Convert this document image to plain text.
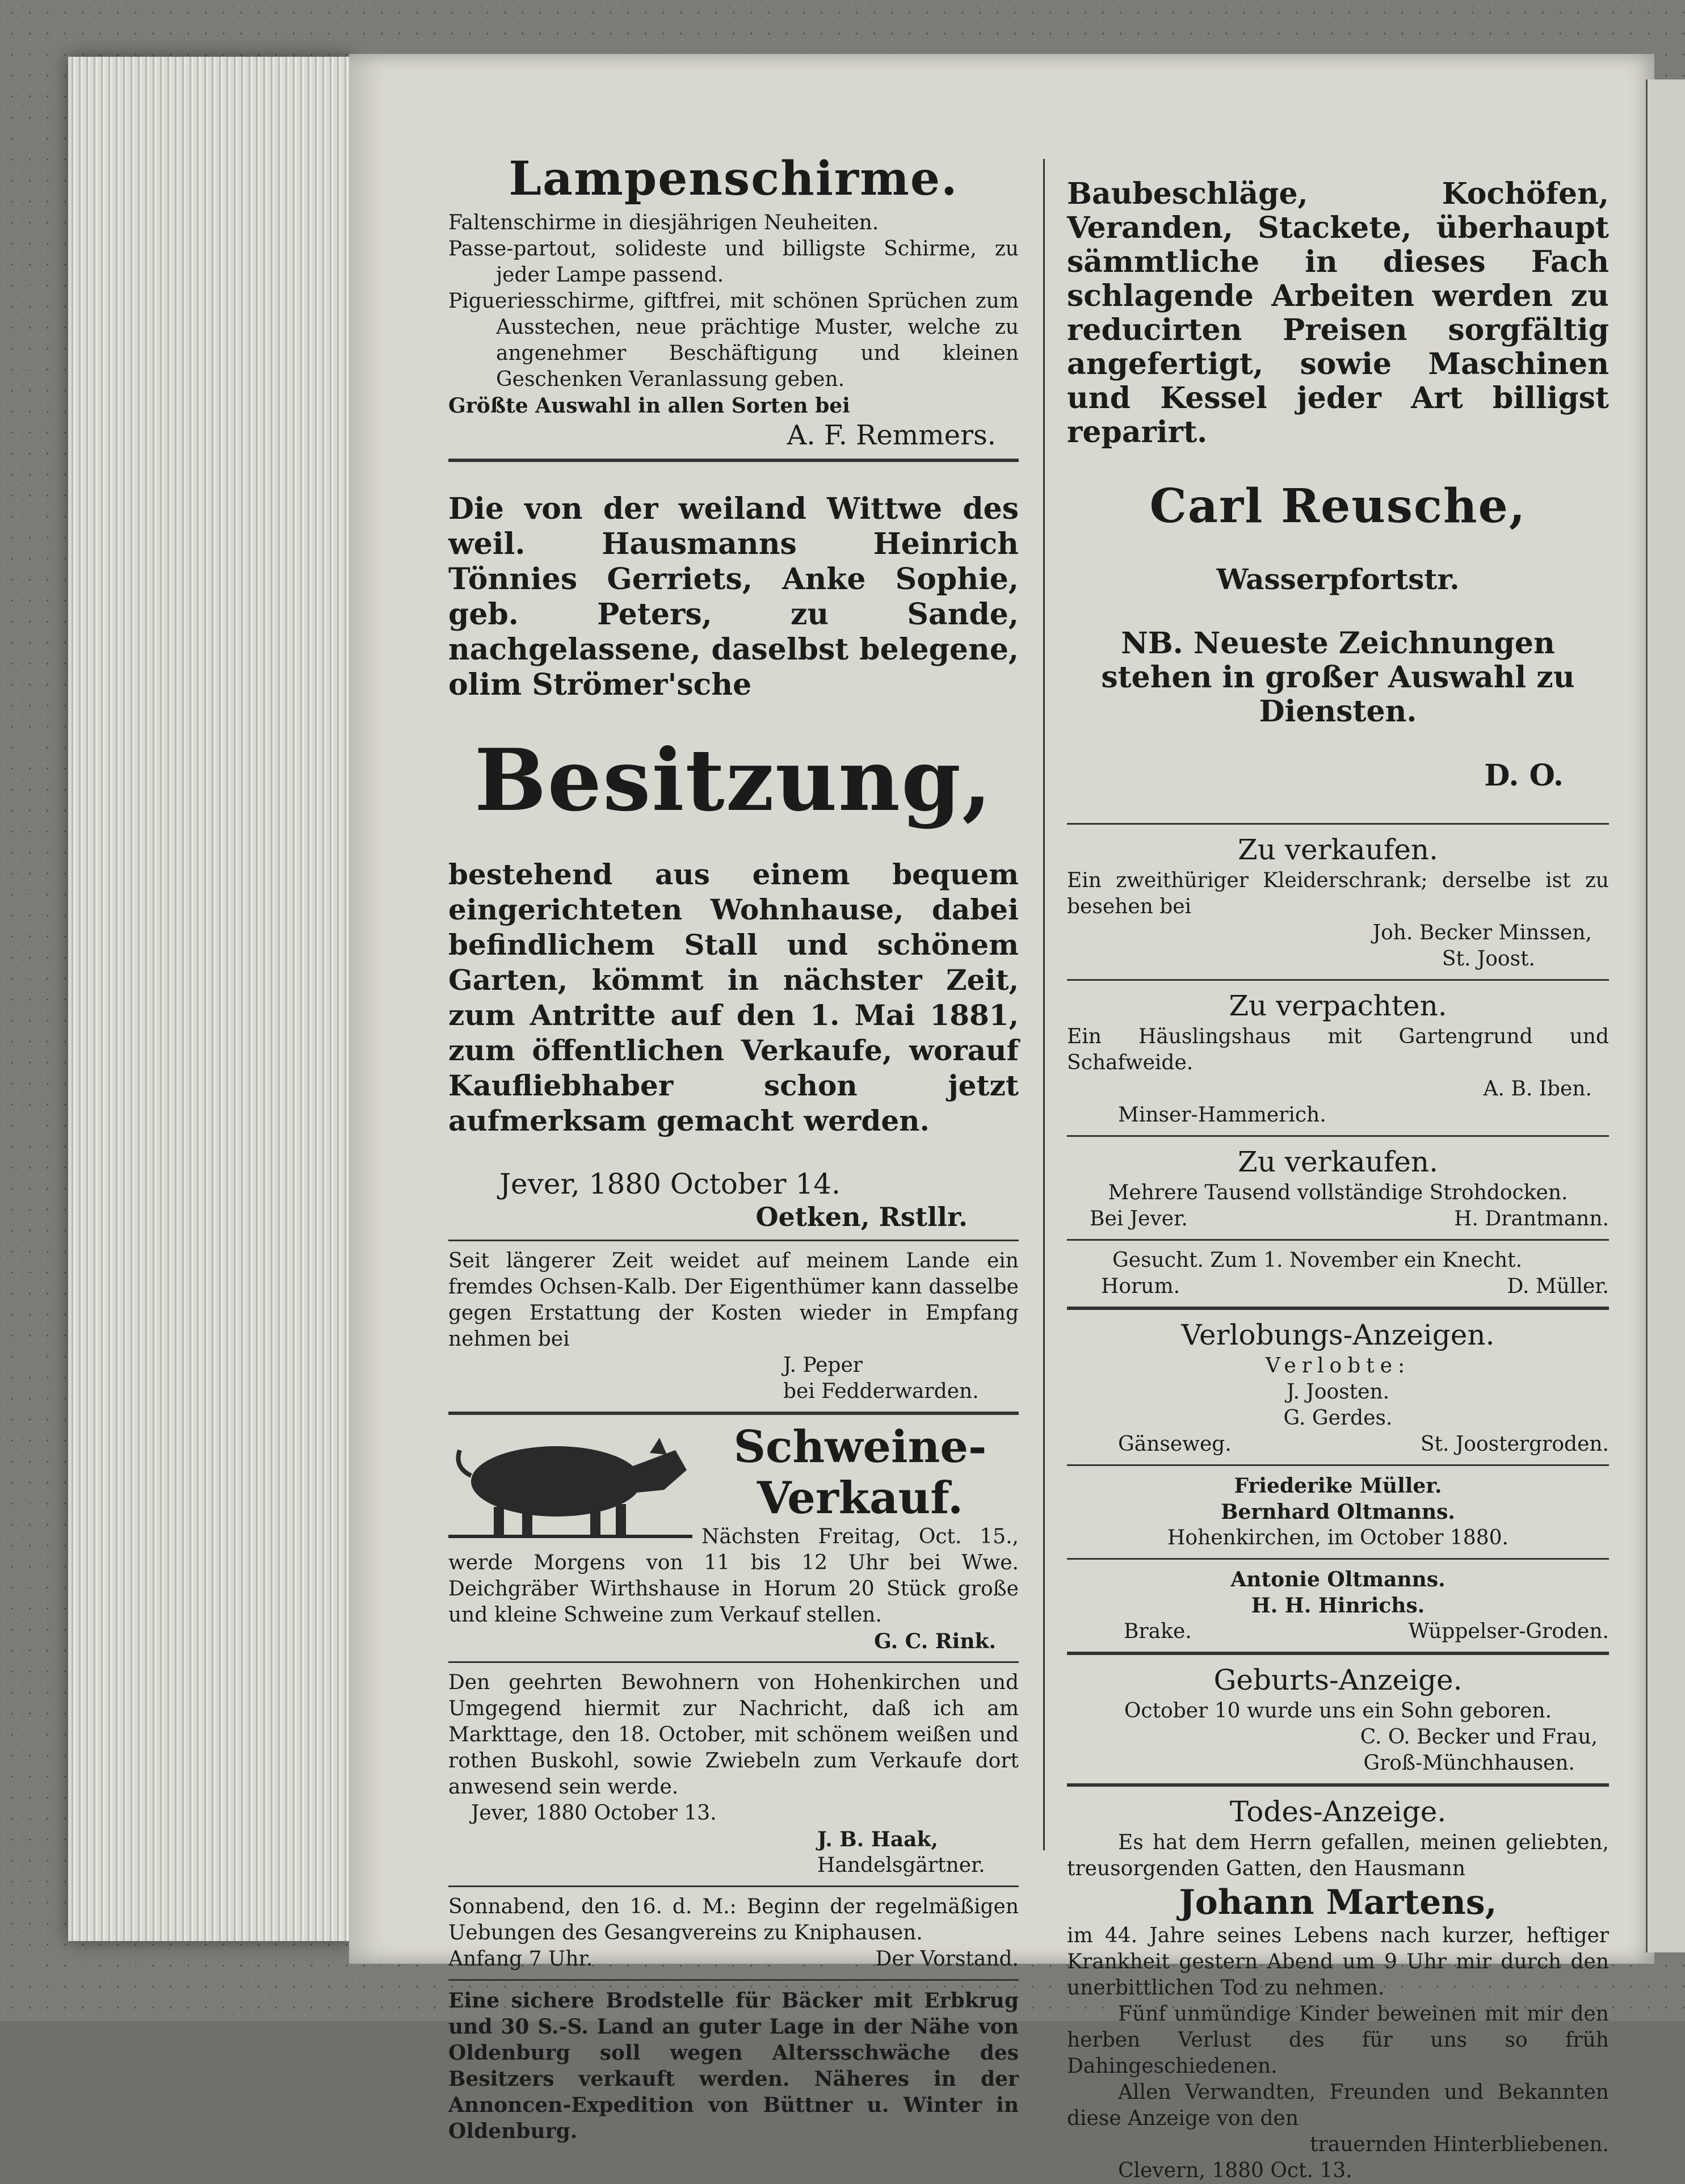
Lampenschirme.

Faltenschirme in diesjährigen Neuheiten.

Passe-partout, solideste und billigste Schirme, zu jeder Lampe passend.

Pigueriesschirme, giftfrei, mit schönen Sprüchen zum Ausstechen, neue prächtige Muster, welche zu angenehmer Beschäftigung und kleinen Geschenken Veranlassung geben.

Größte Auswahl in allen Sorten bei

A. F. Remmers.

Die von der weiland Wittwe des weil. Hausmanns Heinrich Tönnies Gerriets, Anke Sophie, geb. Peters, zu Sande, nachgelassene, daselbst belegene, olim Strömer'sche

Besitzung,

bestehend aus einem bequem eingerichteten Wohnhause, dabei befindlichem Stall und schönem Garten, kömmt in nächster Zeit, zum Antritte auf den 1. Mai 1881, zum öffentlichen Verkaufe, worauf Kaufliebhaber schon jetzt aufmerksam gemacht werden.

Jever, 1880 October 14.

Oetken, Rstllr.

Seit längerer Zeit weidet auf meinem Lande ein fremdes Ochsen-Kalb. Der Eigenthümer kann dasselbe gegen Erstattung der Kosten wieder in Empfang nehmen bei

J. Peper

bei Fedderwarden.

Schweine-Verkauf.

Nächsten Freitag, Oct. 15., werde Morgens von 11 bis 12 Uhr bei Wwe. Deichgräber Wirthshause in Horum 20 Stück große und kleine Schweine zum Verkauf stellen.

G. C. Rink.

Den geehrten Bewohnern von Hohenkirchen und Umgegend hiermit zur Nachricht, daß ich am Markttage, den 18. October, mit schönem weißen und rothen Buskohl, sowie Zwiebeln zum Verkaufe dort anwesend sein werde.

Jever, 1880 October 13.

J. B. Haak,

Handelsgärtner.

Sonnabend, den 16. d. M.: Beginn der regelmäßigen Uebungen des Gesangvereins zu Kniphausen.

Anfang 7 Uhr.	Der Vorstand.

Eine sichere Brodstelle für Bäcker mit Erbkrug und 30 S.-S. Land an guter Lage in der Nähe von Oldenburg soll wegen Altersschwäche des Besitzers verkauft werden. Näheres in der Annoncen-Expedition von Büttner u. Winter in Oldenburg.

Baubeschläge, Kochöfen, Veranden, Stackete, überhaupt sämmtliche in dieses Fach schlagende Arbeiten werden zu reducirten Preisen sorgfältig angefertigt, sowie Maschinen und Kessel jeder Art billigst reparirt.

Carl Reusche,

Wasserpfortstr.

NB. Neueste Zeichnungen stehen in großer Auswahl zu Diensten.

D. O.

Zu verkaufen.

Ein zweithüriger Kleiderschrank; derselbe ist zu besehen bei

Joh. Becker Minssen,

St. Joost.

Zu verpachten.

Ein Häuslingshaus mit Gartengrund und Schafweide.

A. B. Iben.

Minser-Hammerich.

Zu verkaufen.

Mehrere Tausend vollständige Strohdocken.

Bei Jever.	H. Drantmann.

Gesucht. Zum 1. November ein Knecht.

Horum.	D. Müller.
Verlobungs-Anzeigen.

Verlobte:

J. Joosten.

G. Gerdes.

Gänseweg.	St. Joostergroden.

Friederike Müller.

Bernhard Oltmanns.

Hohenkirchen, im October 1880.

Antonie Oltmanns.

H. H. Hinrichs.

Brake.	Wüppelser-Groden.
Geburts-Anzeige.

October 10 wurde uns ein Sohn geboren.

C. O. Becker und Frau,

Groß-Münchhausen.

Todes-Anzeige.

Es hat dem Herrn gefallen, meinen geliebten, treusorgenden Gatten, den Hausmann

Johann Martens,

im 44. Jahre seines Lebens nach kurzer, heftiger Krankheit gestern Abend um 9 Uhr mir durch den unerbittlichen Tod zu nehmen.

Fünf unmündige Kinder beweinen mit mir den herben Verlust des für uns so früh Dahingeschiedenen.

Allen Verwandten, Freunden und Bekannten diese Anzeige von den

trauernden Hinterbliebenen.

Clevern, 1880 Oct. 13.
